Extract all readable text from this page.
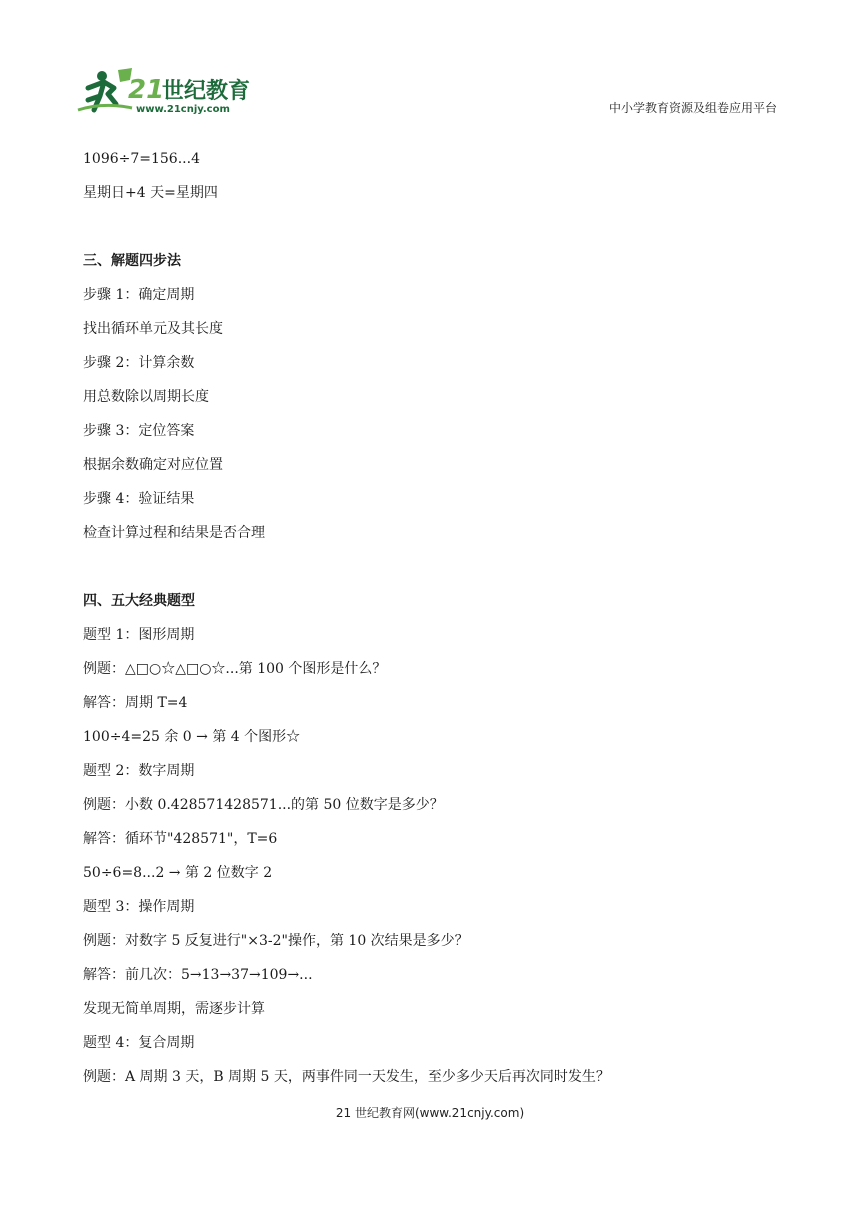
21
世纪教育
www.21cnjy.com	中小学教育资源及组卷应用平台
1096÷7=156...4
星期日+4 天=星期四
三、解题四步法
步骤 1：确定周期
找出循环单元及其长度
步骤 2：计算余数
用总数除以周期长度
步骤 3：定位答案
根据余数确定对应位置
步骤 4：验证结果
检查计算过程和结果是否合理
四、五大经典题型
题型 1：图形周期
例题：△□○☆△□○☆...第 100 个图形是什么？
解答：周期 T=4
100÷4=25 余 0 → 第 4 个图形☆
题型 2：数字周期
例题：小数 0.428571428571...的第 50 位数字是多少？
解答：循环节"428571"，T=6
50÷6=8...2 → 第 2 位数字 2
题型 3：操作周期
例题：对数字 5 反复进行"×3-2"操作，第 10 次结果是多少？
解答：前几次：5→13→37→109→...
发现无简单周期，需逐步计算
题型 4：复合周期
例题：A 周期 3 天，B 周期 5 天，两事件同一天发生，至少多少天后再次同时发生？
21 世纪教育网(www.21cnjy.com)
